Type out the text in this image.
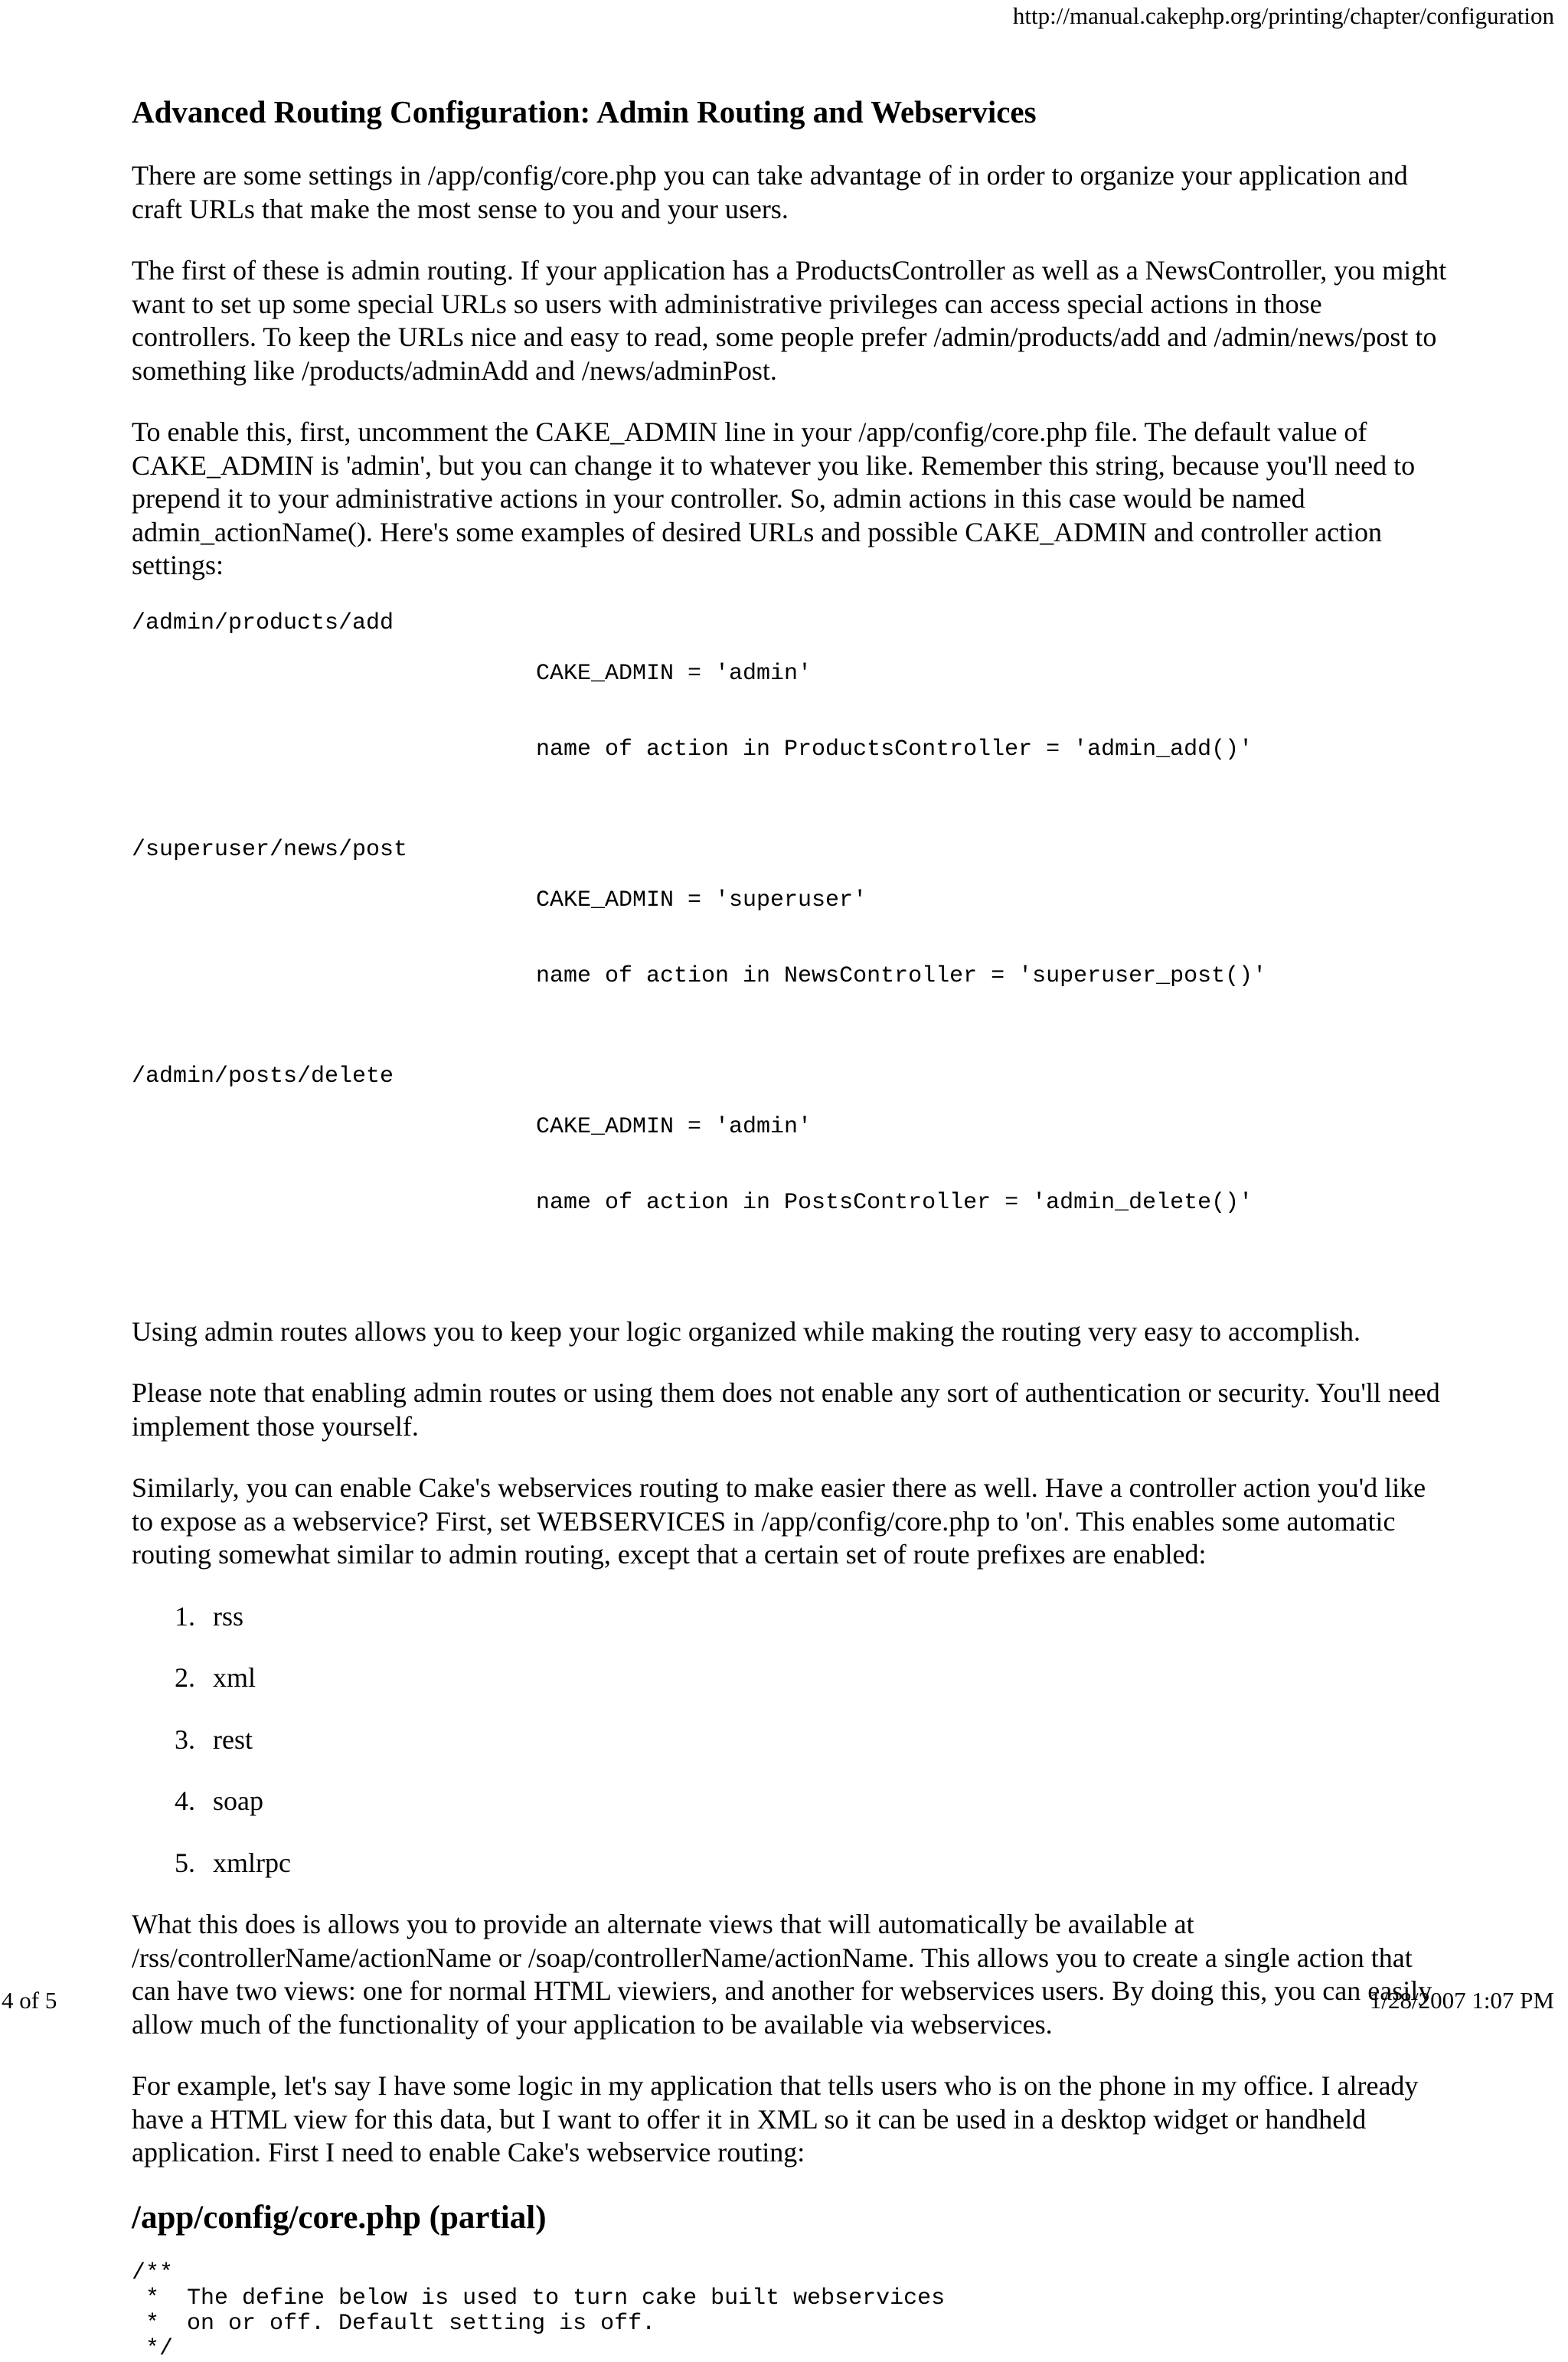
http://manual.cakephp.org/printing/chapter/configuration
Advanced Routing Configuration: Admin Routing and Webservices

There are some settings in /app/config/core.php you can take advantage of in order to organize your application and craft URLs that make the most sense to you and your users.

The first of these is admin routing. If your application has a ProductsController as well as a NewsController, you might want to set up some special URLs so users with administrative privileges can access special actions in those controllers. To keep the URLs nice and easy to read, some people prefer /admin/products/add and /admin/news/post to something like /products/adminAdd and /news/adminPost.

To enable this, first, uncomment the CAKE_ADMIN line in your /app/config/core.php file. The default value of CAKE_ADMIN is 'admin', but you can change it to whatever you like. Remember this string, because you'll need to prepend it to your administrative actions in your controller. So, admin actions in this case would be named admin_actionName(). Here's some examples of desired URLs and possible CAKE_ADMIN and controller action settings:

/admin/products/add

CAKE_ADMIN = 'admin'

name of action in ProductsController = 'admin_add()'

/superuser/news/post

CAKE_ADMIN = 'superuser'

name of action in NewsController = 'superuser_post()'

/admin/posts/delete

CAKE_ADMIN = 'admin'

name of action in PostsController = 'admin_delete()'

Using admin routes allows you to keep your logic organized while making the routing very easy to accomplish.

Please note that enabling admin routes or using them does not enable any sort of authentication or security. You'll need implement those yourself.

Similarly, you can enable Cake's webservices routing to make easier there as well. Have a controller action you'd like to expose as a webservice? First, set WEBSERVICES in /app/config/core.php to 'on'. This enables some automatic routing somewhat similar to admin routing, except that a certain set of route prefixes are enabled:

1. rss
2. xml
3. rest
4. soap
5. xmlrpc

What this does is allows you to provide an alternate views that will automatically be available at /rss/controllerName/actionName or /soap/controllerName/actionName. This allows you to create a single action that can have two views: one for normal HTML viewiers, and another for webservices users. By doing this, you can easily allow much of the functionality of your application to be available via webservices.

For example, let's say I have some logic in my application that tells users who is on the phone in my office. I already have a HTML view for this data, but I want to offer it in XML so it can be used in a desktop widget or handheld application. First I need to enable Cake's webservice routing:

/app/config/core.php (partial)
/**
*  The define below is used to turn cake built webservices
*  on or off. Default setting is off.
*/
4 of 5	1/28/2007 1:07 PM
